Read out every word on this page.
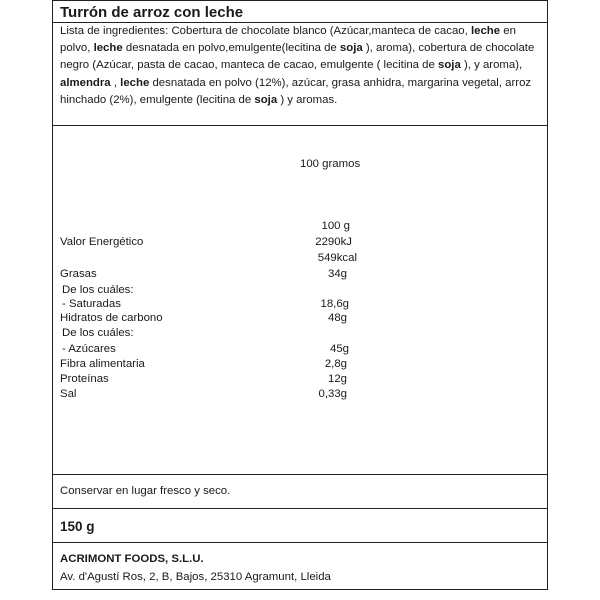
Turrón de arroz con leche
Lista de ingredientes: Cobertura de chocolate blanco (Azúcar,manteca de cacao, leche en polvo, leche desnatada en polvo,emulgente(lecitina de soja ), aroma), cobertura de chocolate negro (Azúcar, pasta de cacao, manteca de cacao, emulgente ( lecitina de soja ), y aroma), almendra , leche desnatada en polvo (12%), azúcar, grasa anhidra, margarina vegetal, arroz hinchado (2%), emulgente (lecitina de soja ) y aromas.
100 gramos
100 g
Valor Energético	2290kJ
549kcal
Grasas	34g
De los cuáles:
- Saturadas	18,6g
Hidratos de carbono	48g
De los cuáles:
- Azúcares	45g
Fibra alimentaria	2,8g
Proteínas	12g
Sal	0,33g
Conservar en lugar fresco y seco.
150 g
ACRIMONT FOODS, S.L.U.
Av. d'Agustí Ros, 2, B, Bajos, 25310 Agramunt, Lleida
